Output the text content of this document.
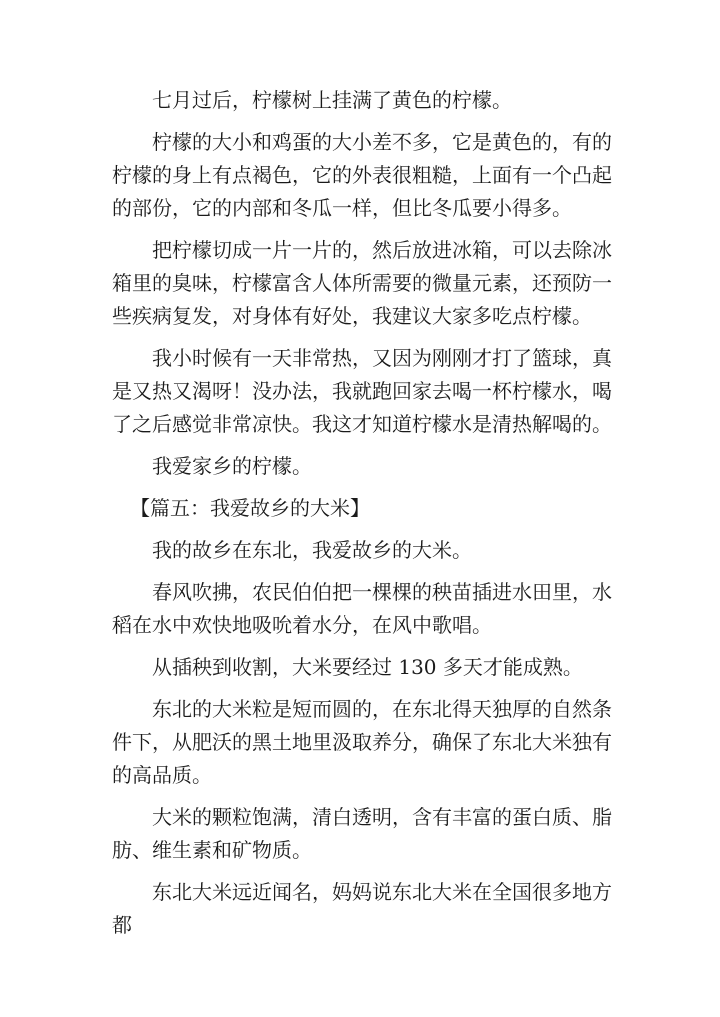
七月过后，柠檬树上挂满了黄色的柠檬。

柠檬的大小和鸡蛋的大小差不多，它是黄色的，有的柠檬的身上有点褐色，它的外表很粗糙，上面有一个凸起的部份，它的内部和冬瓜一样，但比冬瓜要小得多。

把柠檬切成一片一片的，然后放进冰箱，可以去除冰箱里的臭味，柠檬富含人体所需要的微量元素，还预防一些疾病复发，对身体有好处，我建议大家多吃点柠檬。

我小时候有一天非常热，又因为刚刚才打了篮球，真是又热又渴呀！没办法，我就跑回家去喝一杯柠檬水，喝了之后感觉非常凉快。我这才知道柠檬水是清热解喝的。

我爱家乡的柠檬。

【篇五：我爱故乡的大米】

我的故乡在东北，我爱故乡的大米。

春风吹拂，农民伯伯把一棵棵的秧苗插进水田里，水稻在水中欢快地吸吮着水分，在风中歌唱。

从插秧到收割，大米要经过 130 多天才能成熟。

东北的大米粒是短而圆的，在东北得天独厚的自然条件下，从肥沃的黑土地里汲取养分，确保了东北大米独有的高品质。

大米的颗粒饱满，清白透明，含有丰富的蛋白质、脂肪、维生素和矿物质。

东北大米远近闻名，妈妈说东北大米在全国很多地方都
